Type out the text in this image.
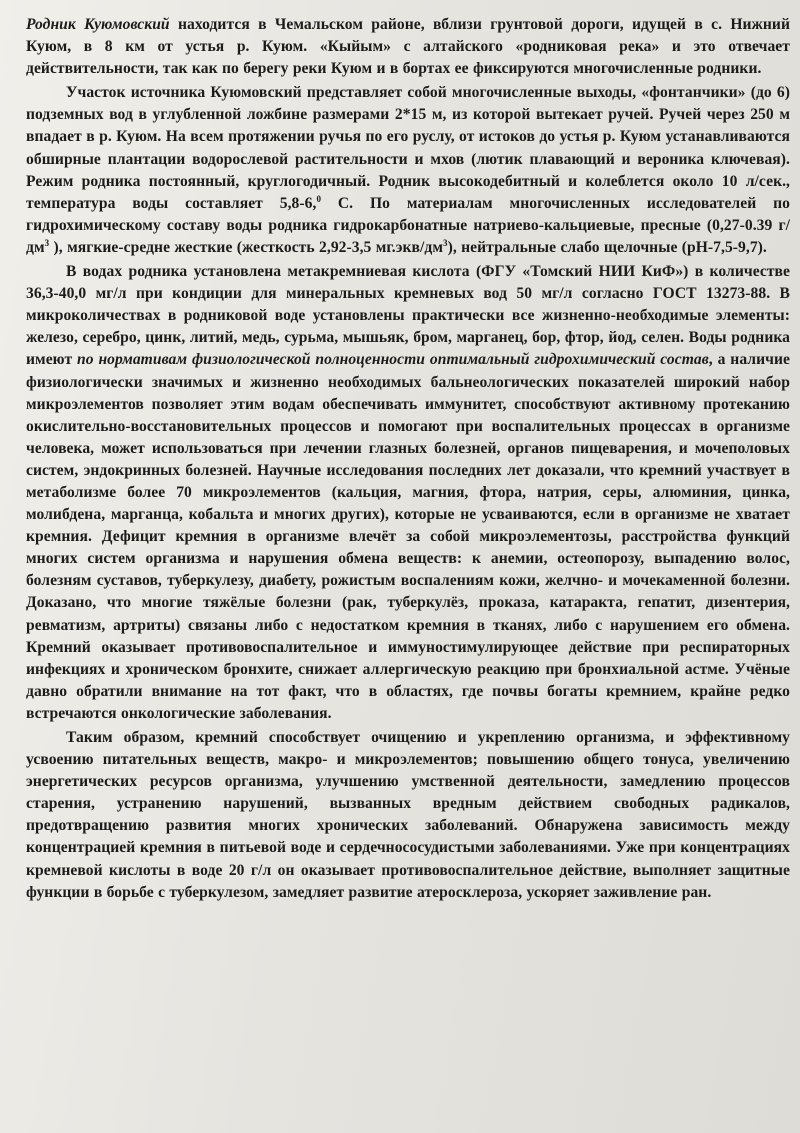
Родник Куюмовский находится в Чемальском районе, вблизи грунтовой дороги, идущей в с. Нижний Куюм, в 8 км от устья р. Куюм. «Кыйым» с алтайского «родниковая река» и это отвечает действительности, так как по берегу реки Куюм и в бортах ее фиксируются многочисленные родники.

Участок источника Куюмовский представляет собой многочисленные выходы, «фонтанчики» (до 6) подземных вод в углубленной ложбине размерами 2*15 м, из которой вытекает ручей. Ручей через 250 м впадает в р. Куюм. На всем протяжении ручья по его руслу, от истоков до устья р. Куюм устанавливаются обширные плантации водорослевой растительности и мхов (лютик плавающий и вероника ключевая). Режим родника постоянный, круглогодичный. Родник высокодебитный и колеблется около 10 л/сек., температура воды составляет 5,8-6,$^0$ С. По материалам многочисленных исследователей по гидрохимическому составу воды родника гидрокарбонатные натриево-кальциевые, пресные (0,27-0.39 $г/дм^3$ ), мягкие-средне жесткие (жесткость 2,92-3,5 $мг.экв/дм^3$), нейтральные слабо щелочные (рН-7,5-9,7).

В водах родника установлена метакремниевая кислота (ФГУ «Томский НИИ КиФ») в количестве 36,3-40,0 мг/л при кондиции для минеральных кремневых вод 50 мг/л согласно ГОСТ 13273-88. В микроколичествах в родниковой воде установлены практически все жизненно-необходимые элементы: железо, серебро, цинк, литий, медь, сурьма, мышьяк, бром, марганец, бор, фтор, йод, селен. Воды родника имеют по нормативам физиологической полноценности оптимальный гидрохимический состав, а наличие физиологически значимых и жизненно необходимых бальнеологических показателей широкий набор микроэлементов позволяет этим водам обеспечивать иммунитет, способствуют активному протеканию окислительно-восстановительных процессов и помогают при воспалительных процессах в организме человека, может использоваться при лечении глазных болезней, органов пищеварения, и мочеполовых систем, эндокринных болезней. Научные исследования последних лет доказали, что кремний участвует в метаболизме более 70 микроэлементов (кальция, магния, фтора, натрия, серы, алюминия, цинка, молибдена, марганца, кобальта и многих других), которые не усваиваются, если в организме не хватает кремния. Дефицит кремния в организме влечёт за собой микроэлементозы, расстройства функций многих систем организма и нарушения обмена веществ: к анемии, остеопорозу, выпадению волос, болезням суставов, туберкулезу, диабету, рожистым воспалениям кожи, желчно- и мочекаменной болезни. Доказано, что многие тяжёлые болезни (рак, туберкулёз, проказа, катаракта, гепатит, дизентерия, ревматизм, артриты) связаны либо с недостатком кремния в тканях, либо с нарушением его обмена. Кремний оказывает противовоспалительное и иммуностимулирующее действие при респираторных инфекциях и хроническом бронхите, снижает аллергическую реакцию при бронхиальной астме. Учёные давно обратили внимание на тот факт, что в областях, где почвы богаты кремнием, крайне редко встречаются онкологические заболевания.

Таким образом, кремний способствует очищению и укреплению организма, и эффективному усвоению питательных веществ, макро- и микроэлементов; повышению общего тонуса, увеличению энергетических ресурсов организма, улучшению умственной деятельности, замедлению процессов старения, устранению нарушений, вызванных вредным действием свободных радикалов, предотвращению развития многих хронических заболеваний. Обнаружена зависимость между концентрацией кремния в питьевой воде и сердечнососудистыми заболеваниями. Уже при концентрациях кремневой кислоты в воде 20 г/л он оказывает противовоспалительное действие, выполняет защитные функции в борьбе с туберкулезом, замедляет развитие атеросклероза, ускоряет заживление ран.
